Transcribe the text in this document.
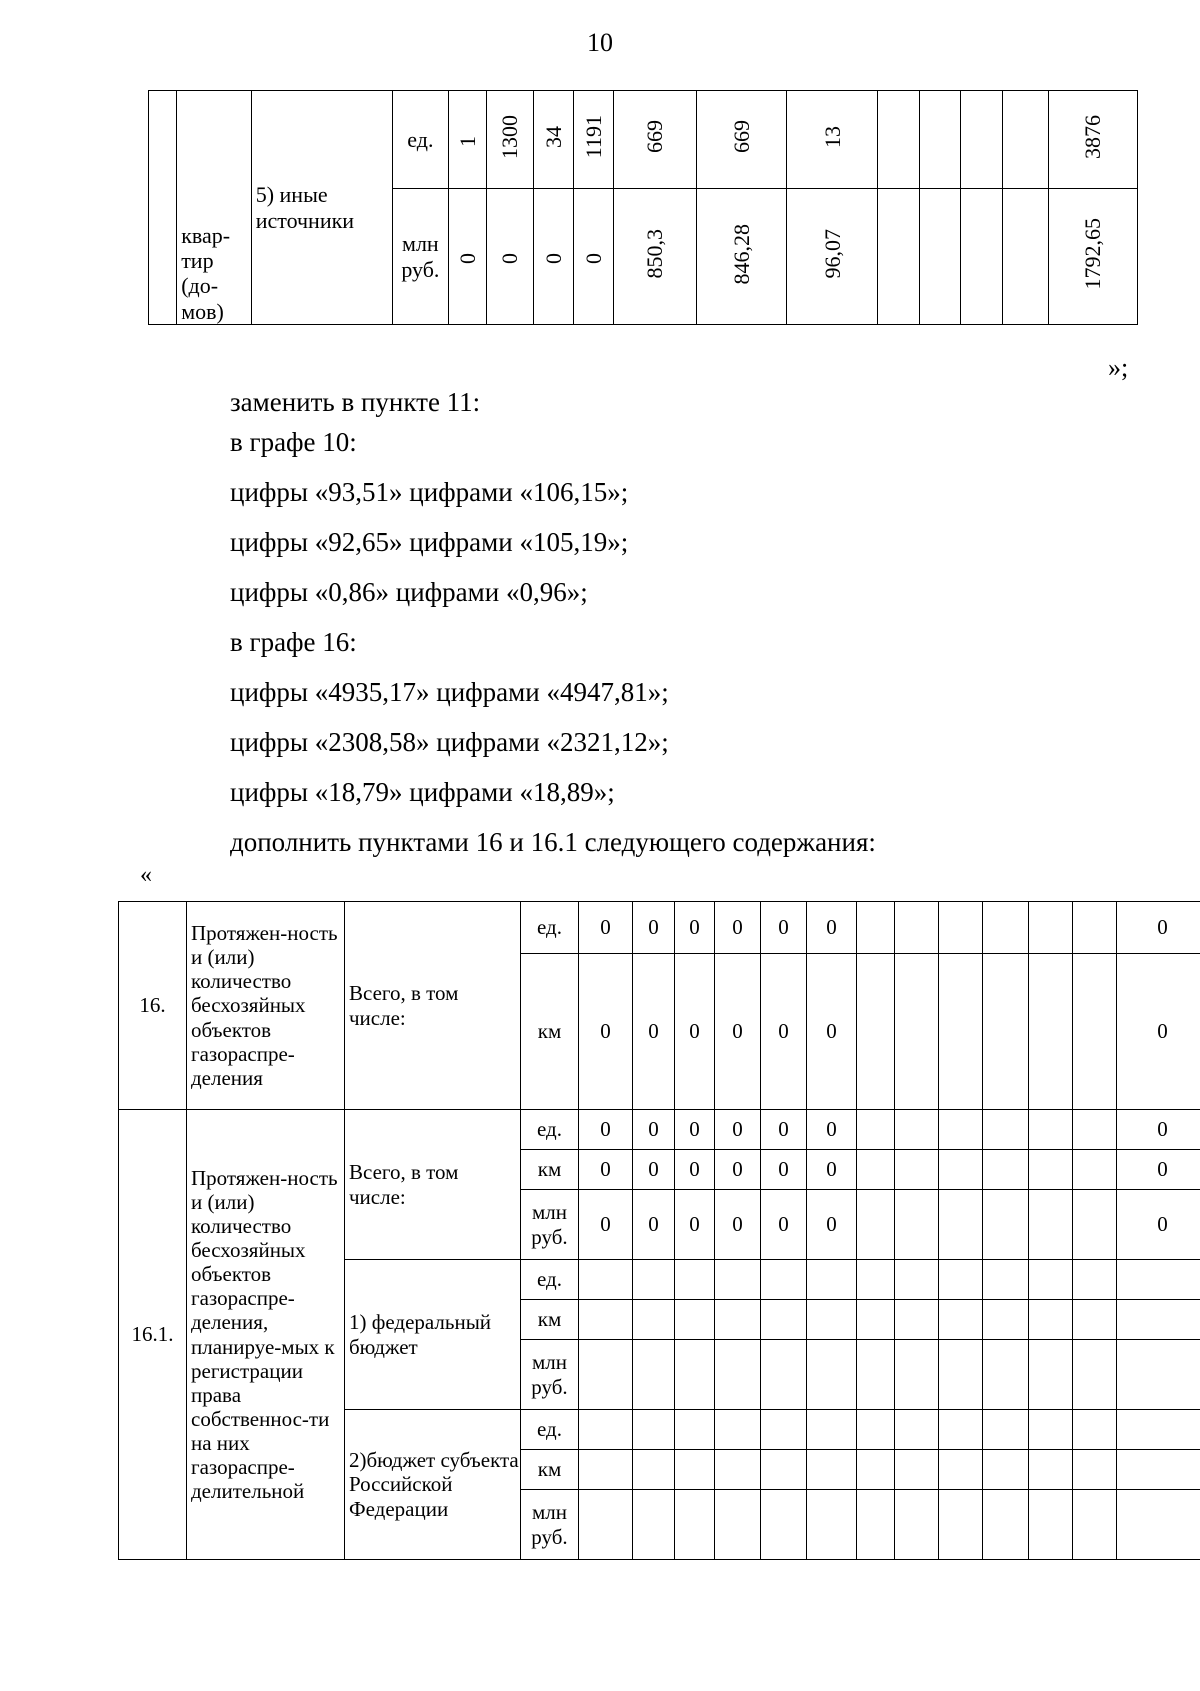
10
	квар-тир (до-мов)	5) иные источники	ед.	1	1300	34	1191	669	669	13					3876
			млн руб.	0	0	0	0	850,3	846,28	96,07					1792,65
»;
заменить в пункте 11:
в графе 10:
цифры «93,51» цифрами «106,15»;
цифры «92,65» цифрами «105,19»;
цифры «0,86» цифрами «0,96»;
в графе 16:
цифры «4935,17» цифрами «4947,81»;
цифры «2308,58» цифрами «2321,12»;
цифры «18,79» цифрами «18,89»;
дополнить пунктами 16 и 16.1 следующего содержания:
«
16.	Протяжен-ность и (или) количество бесхозяйных объектов газораспре-деления	Всего, в том числе:	ед.	0	0	0	0	0	0							0
			км	0	0	0	0	0	0							0
16.1.	Протяжен-ность и (или) количество бесхозяйных объектов газораспре-деления, планируе-мых к регистрации права собственнос-ти на них газораспре-делительной	Всего, в том числе:	ед.	0	0	0	0	0	0							0
			км	0	0	0	0	0	0							0
			млн руб.	0	0	0	0	0	0							0
		1) федеральный бюджет	ед.													
			км													
			млн руб.													
		2)бюджет субъекта Российской Федерации	ед.													
			км													
			млн руб.													
